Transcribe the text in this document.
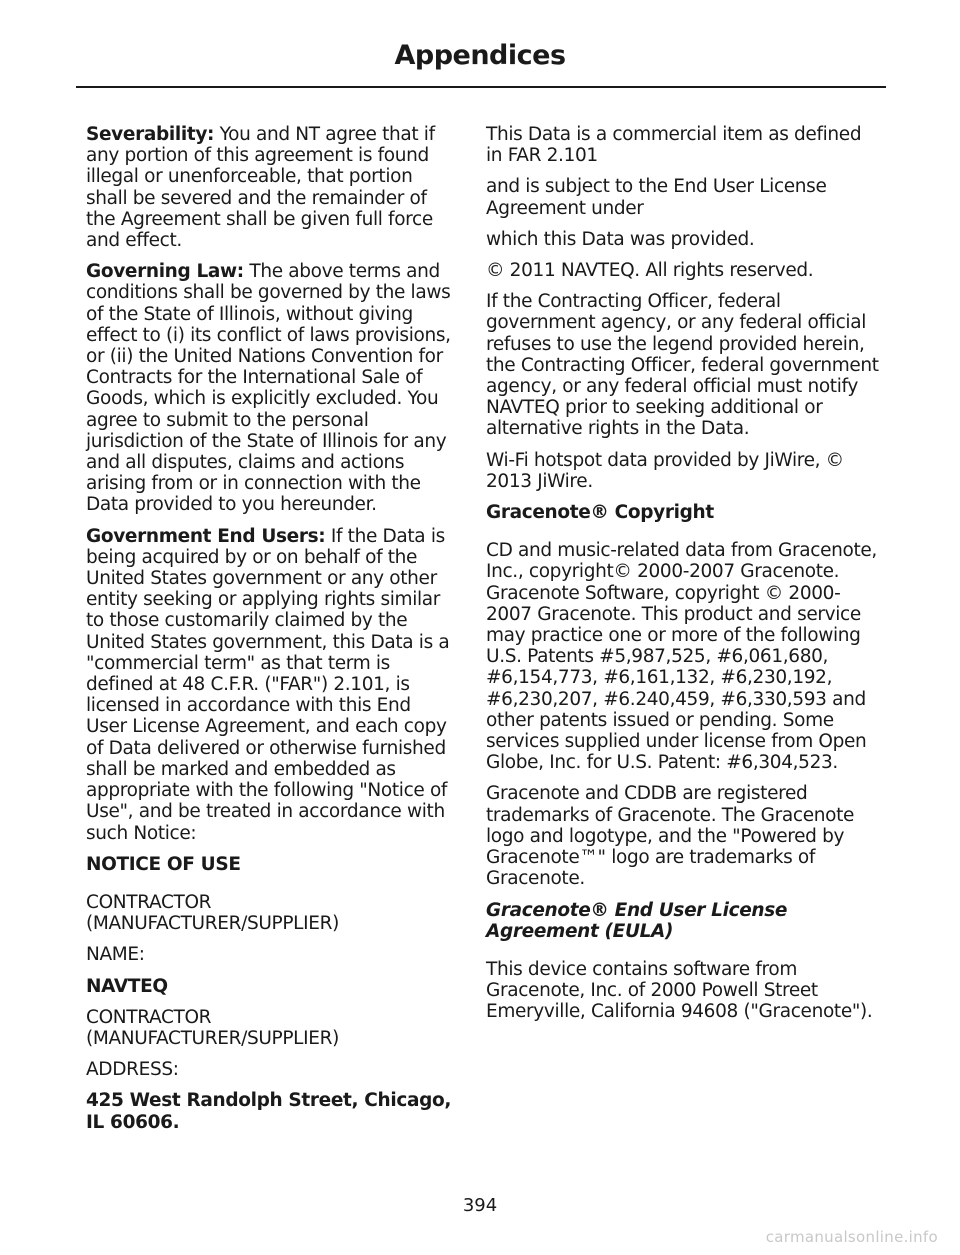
Appendices

Severability: You and NT agree that if any portion of this agreement is found illegal or unenforceable, that portion shall be severed and the remainder of the Agreement shall be given full force and effect.

Governing Law: The above terms and conditions shall be governed by the laws of the State of Illinois, without giving effect to (i) its conflict of laws provisions, or (ii) the United Nations Convention for Contracts for the International Sale of Goods, which is explicitly excluded. You agree to submit to the personal jurisdiction of the State of Illinois for any and all disputes, claims and actions arising from or in connection with the Data provided to you hereunder.

Government End Users: If the Data is being acquired by or on behalf of the United States government or any other entity seeking or applying rights similar to those customarily claimed by the United States government, this Data is a "commercial term" as that term is defined at 48 C.F.R. ("FAR") 2.101, is licensed in accordance with this End User License Agreement, and each copy of Data delivered or otherwise furnished shall be marked and embedded as appropriate with the following "Notice of Use", and be treated in accordance with such Notice:

NOTICE OF USE

CONTRACTOR (MANUFACTURER/SUPPLIER)

NAME:

NAVTEQ

CONTRACTOR (MANUFACTURER/SUPPLIER)

ADDRESS:

425 West Randolph Street, Chicago, IL 60606.

This Data is a commercial item as defined in FAR 2.101

and is subject to the End User License Agreement under

which this Data was provided.

© 2011 NAVTEQ. All rights reserved.

If the Contracting Officer, federal government agency, or any federal official refuses to use the legend provided herein, the Contracting Officer, federal government agency, or any federal official must notify NAVTEQ prior to seeking additional or alternative rights in the Data.

Wi-Fi hotspot data provided by JiWire, © 2013 JiWire.

Gracenote® Copyright

CD and music-related data from Gracenote, Inc., copyright© 2000-2007 Gracenote. Gracenote Software, copyright © 2000-2007 Gracenote. This product and service may practice one or more of the following U.S. Patents #5,987,525, #6,061,680, #6,154,773, #6,161,132, #6,230,192, #6,230,207, #6.240,459, #6,330,593 and other patents issued or pending. Some services supplied under license from Open Globe, Inc. for U.S. Patent: #6,304,523.

Gracenote and CDDB are registered trademarks of Gracenote. The Gracenote logo and logotype, and the "Powered by Gracenote™" logo are trademarks of Gracenote.

Gracenote® End User License Agreement (EULA)

This device contains software from Gracenote, Inc. of 2000 Powell Street Emeryville, California 94608 ("Gracenote").

394
carmanualsonline.info
